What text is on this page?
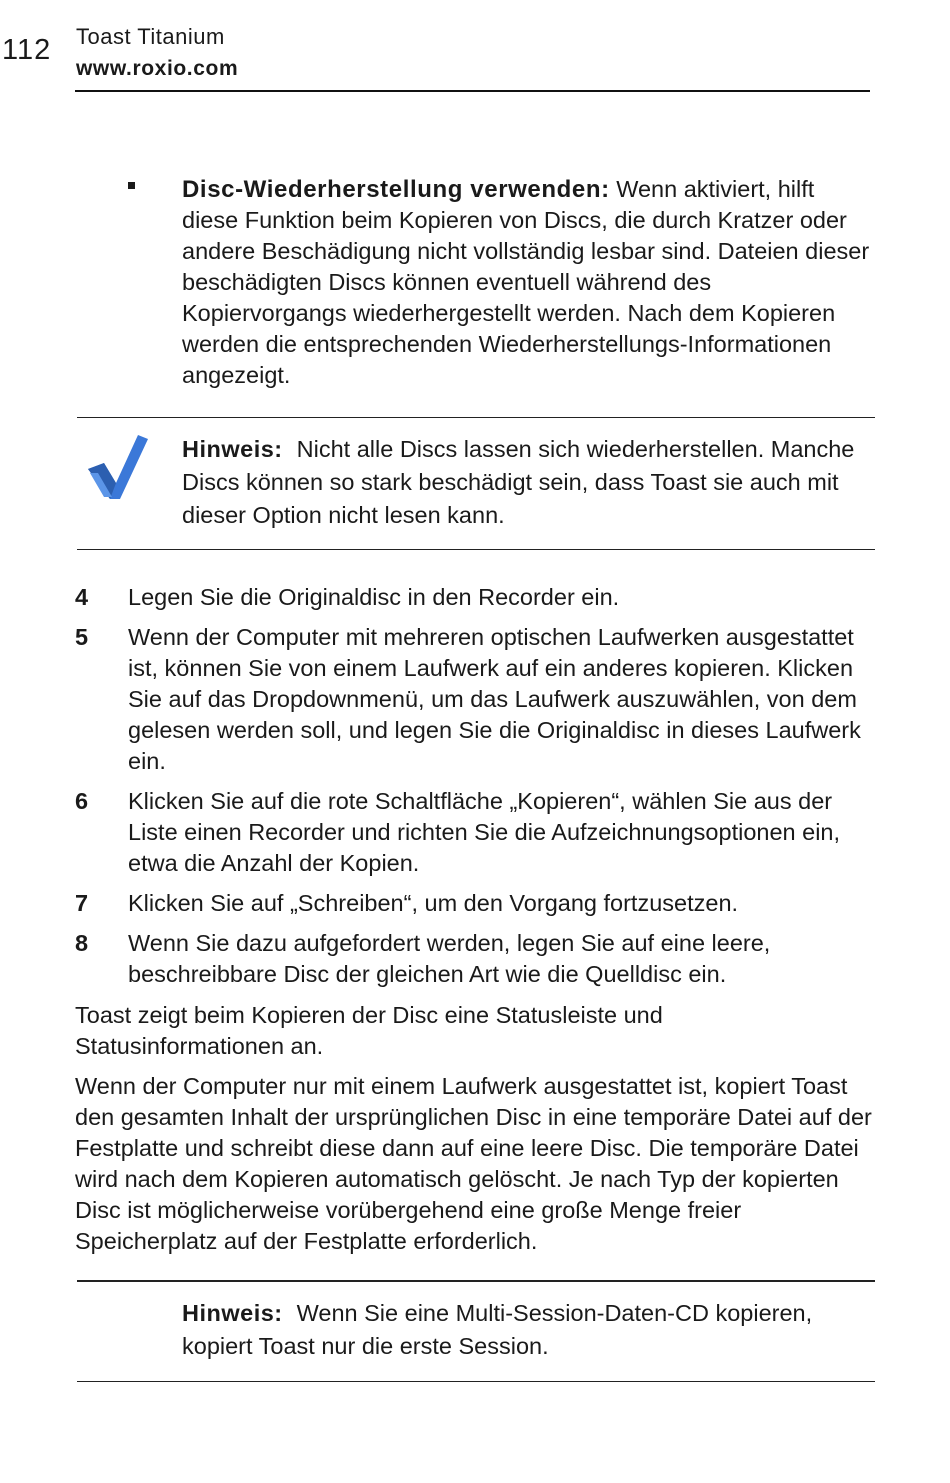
112 Toast Titanium
www.roxio.com
Disc-Wiederherstellung verwenden: Wenn aktiviert, hilft diese Funktion beim Kopieren von Discs, die durch Kratzer oder andere Beschädigung nicht vollständig lesbar sind. Dateien dieser beschädigten Discs können eventuell während des Kopiervorgangs wiederhergestellt werden. Nach dem Kopieren werden die entsprechenden Wiederherstellungs-Informationen angezeigt.
Hinweis: Nicht alle Discs lassen sich wiederherstellen. Manche Discs können so stark beschädigt sein, dass Toast sie auch mit dieser Option nicht lesen kann.
4 Legen Sie die Originaldisc in den Recorder ein.
5 Wenn der Computer mit mehreren optischen Laufwerken ausgestattet ist, können Sie von einem Laufwerk auf ein anderes kopieren. Klicken Sie auf das Dropdownmenü, um das Laufwerk auszuwählen, von dem gelesen werden soll, und legen Sie die Originaldisc in dieses Laufwerk ein.
6 Klicken Sie auf die rote Schaltfläche „Kopieren“, wählen Sie aus der Liste einen Recorder und richten Sie die Aufzeichnungsoptionen ein, etwa die Anzahl der Kopien.
7 Klicken Sie auf „Schreiben“, um den Vorgang fortzusetzen.
8 Wenn Sie dazu aufgefordert werden, legen Sie auf eine leere, beschreibbare Disc der gleichen Art wie die Quelldisc ein.
Toast zeigt beim Kopieren der Disc eine Statusleiste und Statusinformationen an.
Wenn der Computer nur mit einem Laufwerk ausgestattet ist, kopiert Toast den gesamten Inhalt der ursprünglichen Disc in eine temporäre Datei auf der Festplatte und schreibt diese dann auf eine leere Disc. Die temporäre Datei wird nach dem Kopieren automatisch gelöscht. Je nach Typ der kopierten Disc ist möglicherweise vorübergehend eine große Menge freier Speicherplatz auf der Festplatte erforderlich.
Hinweis: Wenn Sie eine Multi-Session-Daten-CD kopieren, kopiert Toast nur die erste Session.
